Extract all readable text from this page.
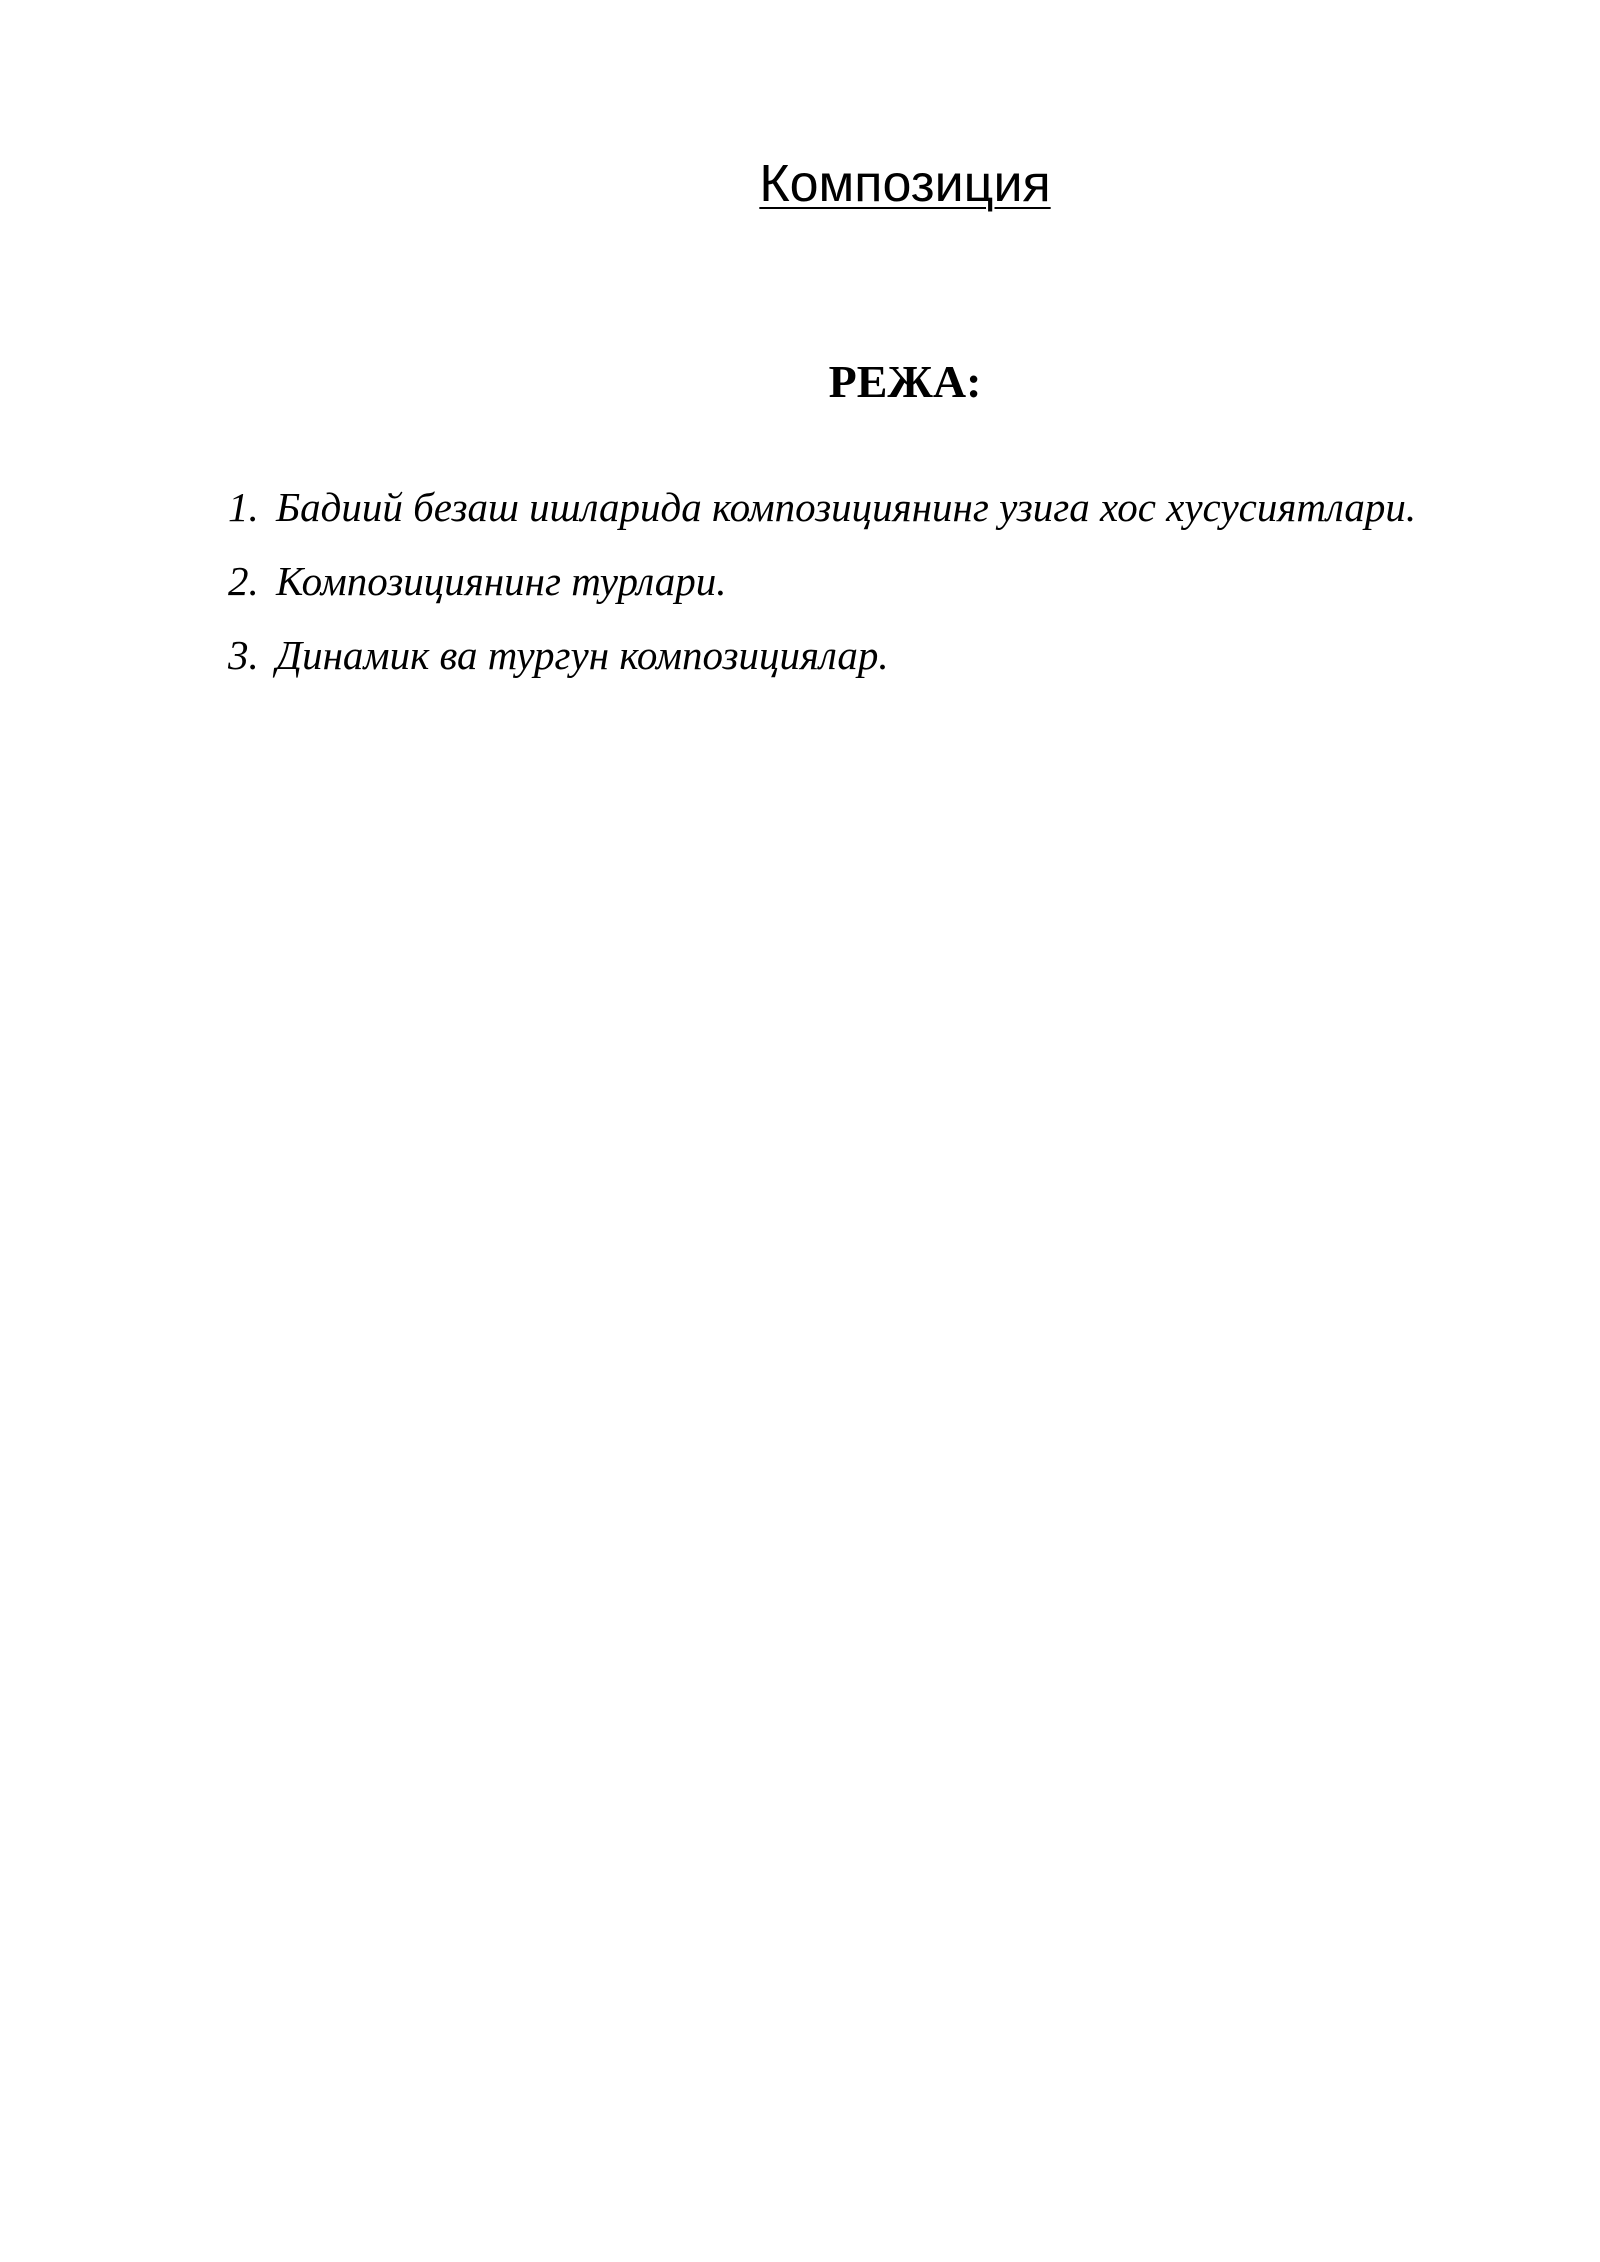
Композиция
РЕЖА:
1. Бадиий безаш ишларида композициянинг узига хос хусусиятлари.
2. Композициянинг турлари.
3. Динамик ва тургун композициялар.
